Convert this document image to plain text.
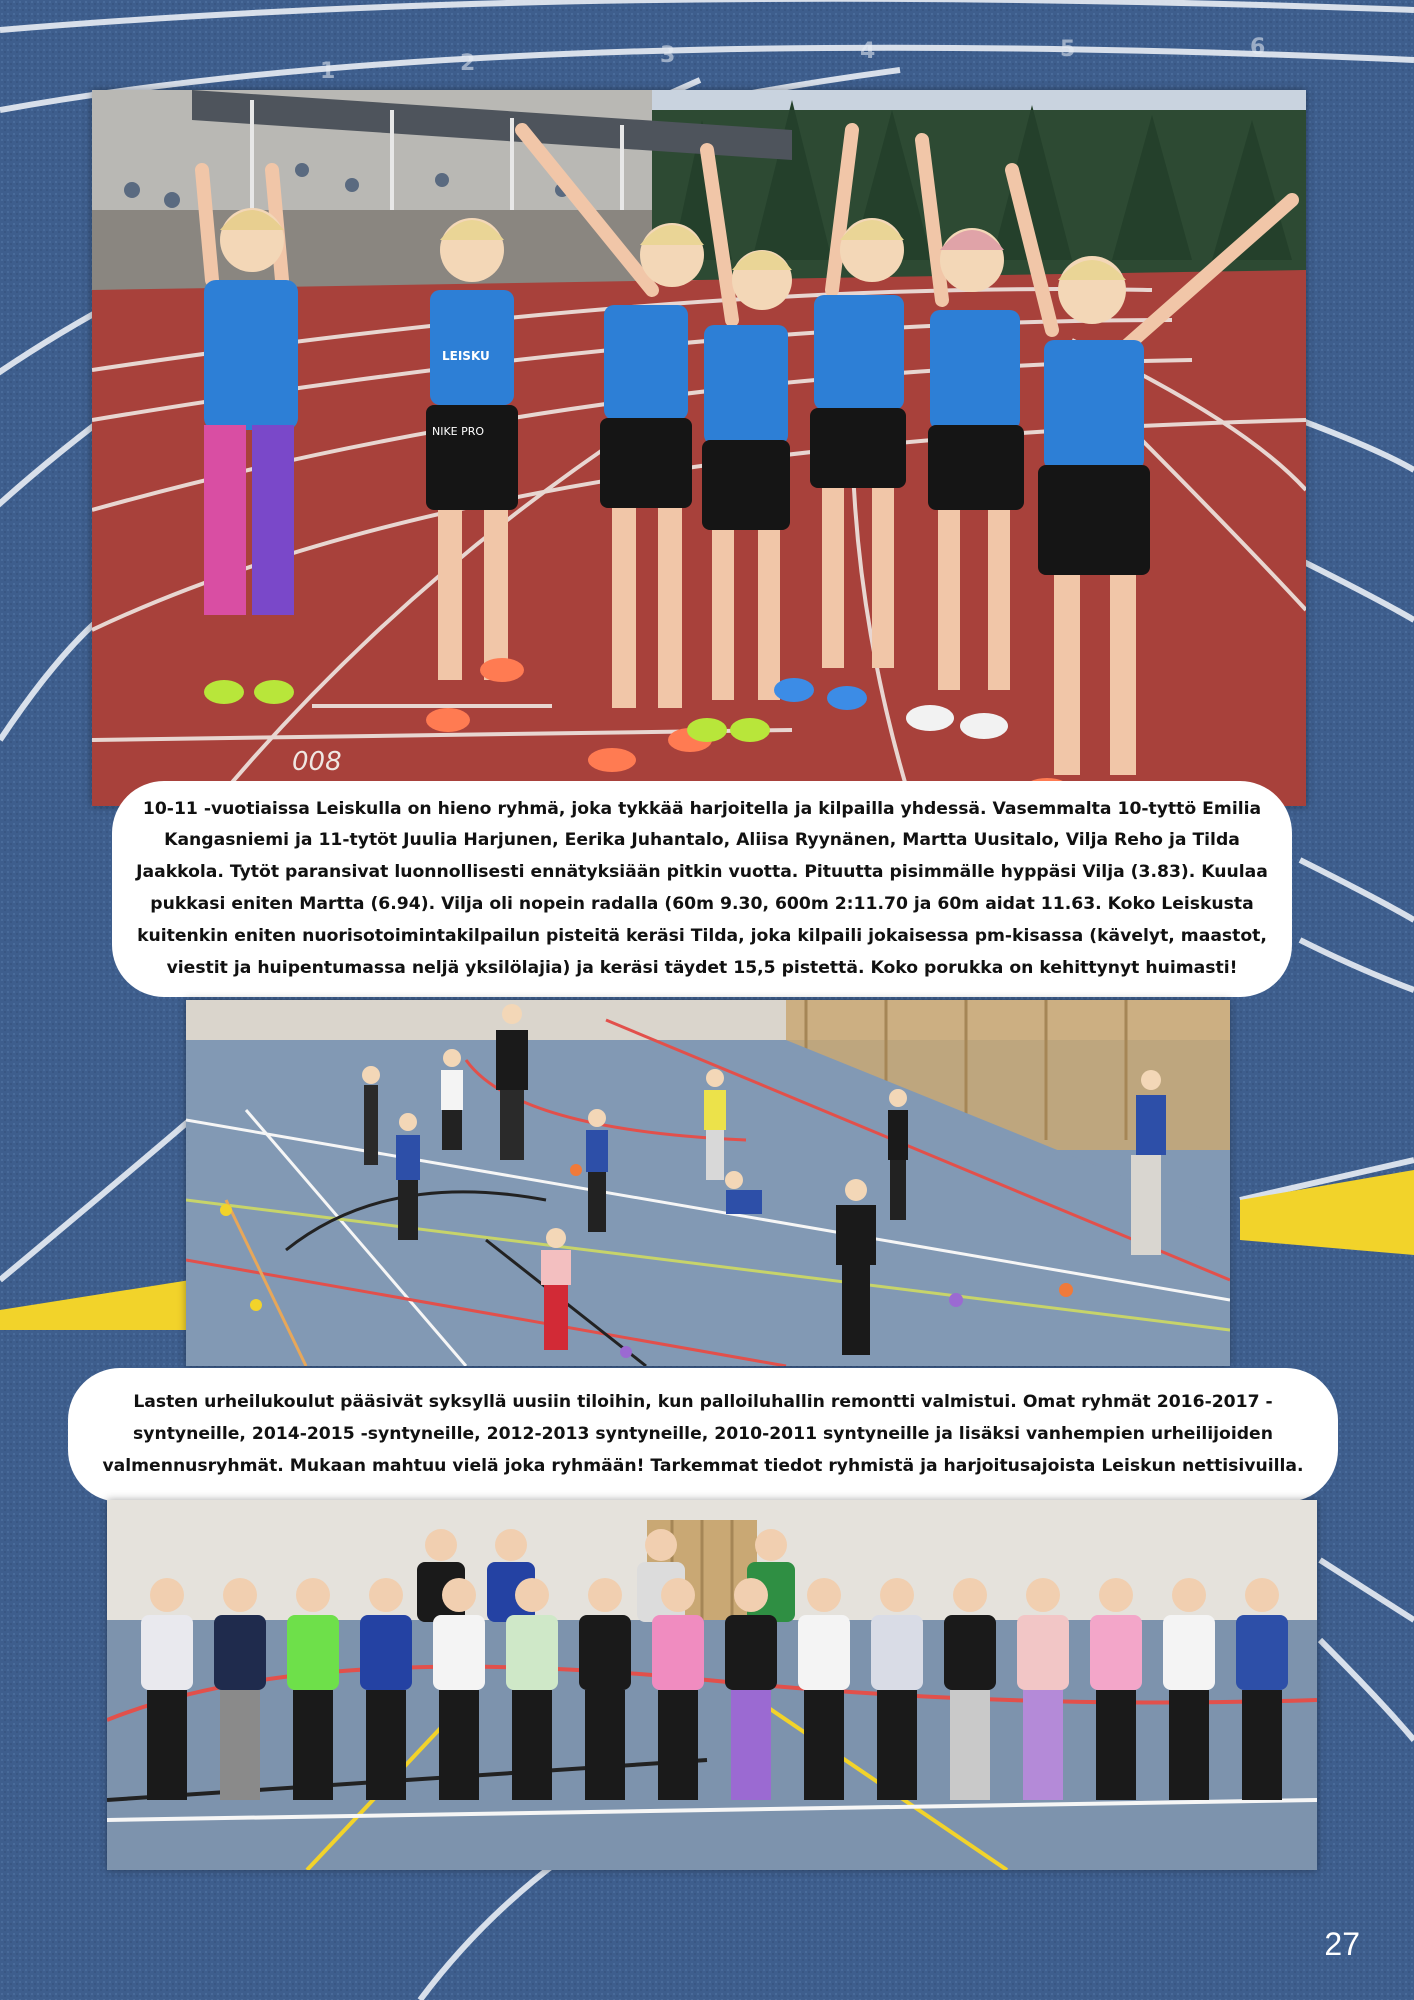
1	2	3	4	5	6
008
LEISKU
NIKE PRO

10-11 -vuotiaissa Leiskulla on hieno ryhmä, joka tykkää harjoitella ja kilpailla yhdessä. Vasemmalta 10-tyttö Emilia Kangasniemi ja 11-tytöt Juulia Harjunen, Eerika Juhantalo, Aliisa Ryynänen, Martta Uusitalo, Vilja Reho ja Tilda Jaakkola. Tytöt paransivat luonnollisesti ennätyksiään pitkin vuotta. Pituutta pisimmälle hyppäsi Vilja (3.83). Kuulaa pukkasi eniten Martta (6.94). Vilja oli nopein radalla (60m 9.30, 600m 2:11.70 ja 60m aidat 11.63. Koko Leiskusta kuitenkin eniten nuorisotoimintakilpailun pisteitä keräsi Tilda, joka kilpaili jokaisessa pm-kisassa (kävelyt, maastot, viestit ja huipentumassa neljä yksilölajia) ja keräsi täydet 15,5 pistettä. Koko porukka on kehittynyt huimasti!

Lasten urheilukoulut pääsivät syksyllä uusiin tiloihin, kun palloiluhallin remontti valmistui. Omat ryhmät 2016-2017 -syntyneille, 2014-2015 -syntyneille, 2012-2013 syntyneille, 2010-2011 syntyneille ja lisäksi vanhempien urheilijoiden valmennusryhmät. Mukaan mahtuu vielä joka ryhmään! Tarkemmat tiedot ryhmistä ja harjoitusajoista Leiskun nettisivuilla.

27
